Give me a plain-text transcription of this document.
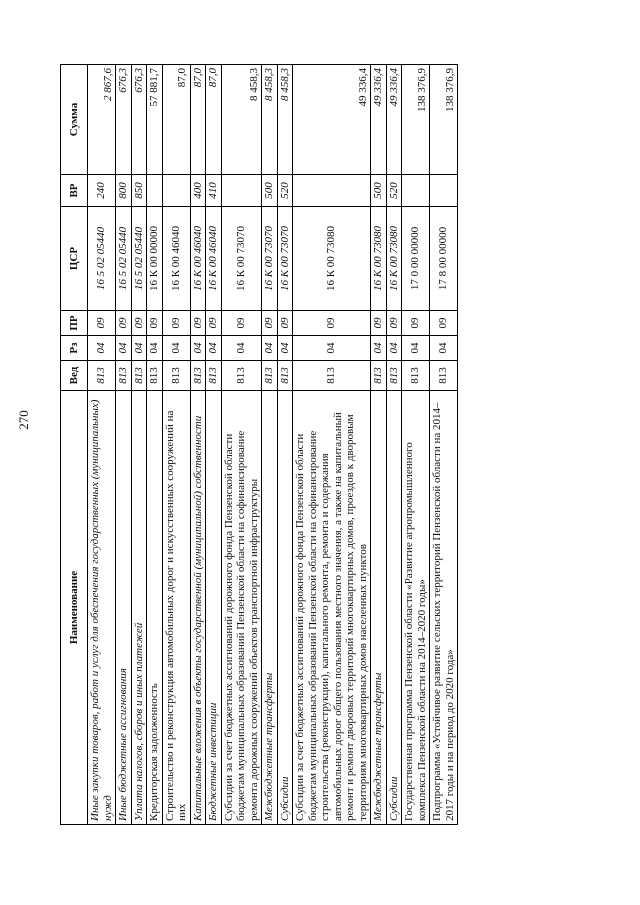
270
Наименование	Вед	Рз	ПР	ЦСР	ВР	Сумма
Иные закупки товаров, работ и услуг для обеспечения государственных (муниципальных) нужд	813	04	09	16 5 02 05440	240	2 867,6
Иные бюджетные ассигнования	813	04	09	16 5 02 05440	800	676,3
Уплата налогов, сборов и иных платежей	813	04	09	16 5 02 05440	850	676,3
Кредиторская задолженность	813	04	09	16 К 00 00000		57 881,7
Строительство и реконструкция автомобильных дорог и искусственных сооружений на них	813	04	09	16 К 00 46040		87,0
Капитальные вложения в объекты государственной (муниципальной) собственности	813	04	09	16 К 00 46040	400	87,0
Бюджетные инвестиции	813	04	09	16 К 00 46040	410	87,0
Субсидии за счет бюджетных ассигнований дорожного фонда Пензенской области бюджетам муниципальных образований Пензенской области на софинансирование ремонта дорожных сооружений объектов транспортной инфраструктуры	813	04	09	16 К 00 73070		8 458,3
Межбюджетные трансферты	813	04	09	16 К 00 73070	500	8 458,3
Субсидии	813	04	09	16 К 00 73070	520	8 458,3
Субсидии за счет бюджетных ассигнований дорожного фонда Пензенской области бюджетам муниципальных образований Пензенской области на софинансирование строительства (реконструкции), капитального ремонта, ремонта и содержания автомобильных дорог общего пользования местного значения, а также на капитальный ремонт и ремонт дворовых территорий многоквартирных домов, проездов к дворовым территориям многоквартирных домов населенных пунктов	813	04	09	16 К 00 73080		49 336,4
Межбюджетные трансферты	813	04	09	16 К 00 73080	500	49 336,4
Субсидии	813	04	09	16 К 00 73080	520	49 336,4
Государственная программа Пензенской области «Развитие агропромышленного комплекса Пензенской области на 2014–2020 годы»	813	04	09	17 0 00 00000		138 376,9
Подпрограмма «Устойчивое развитие сельских территорий Пензенской области на 2014–2017 годы и на период до 2020 года»	813	04	09	17 8 00 00000		138 376,9
